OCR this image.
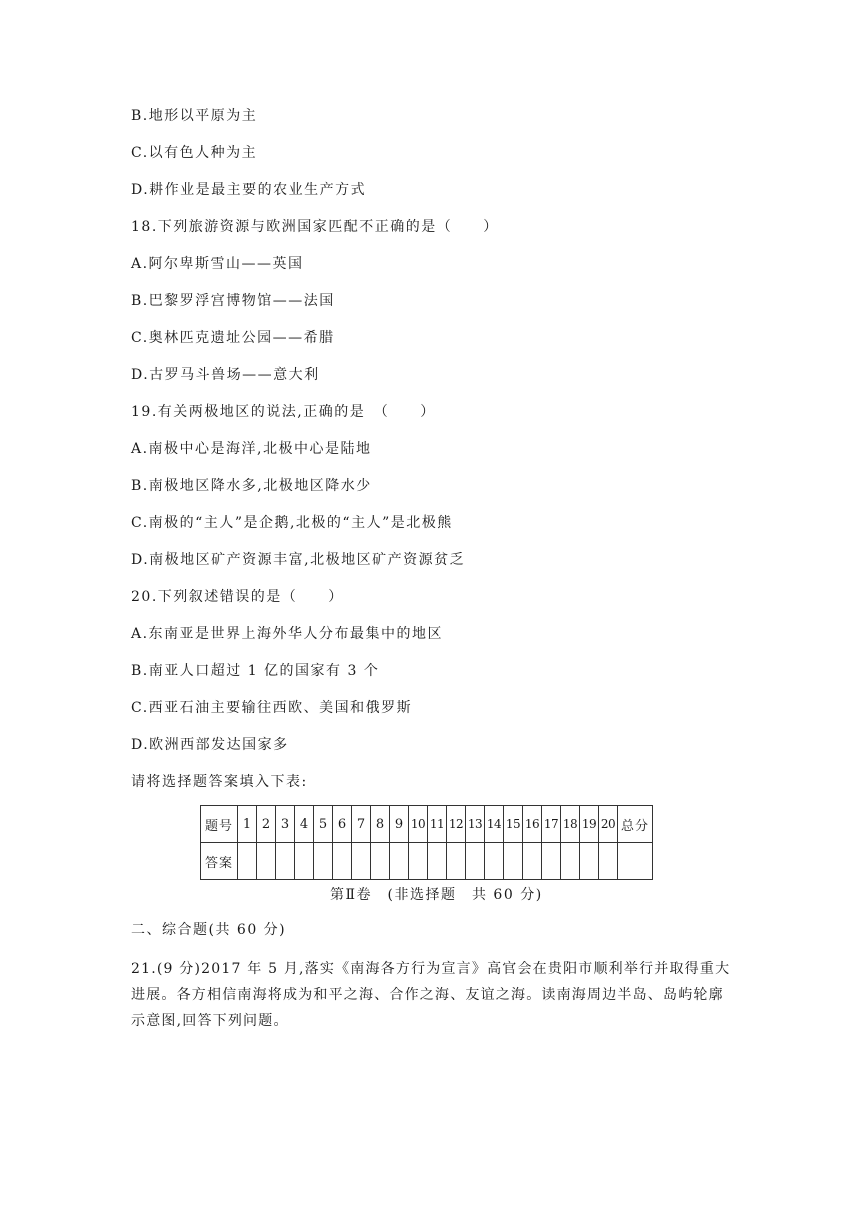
B.地形以平原为主
C.以有色人种为主
D.耕作业是最主要的农业生产方式
18.下列旅游资源与欧洲国家匹配不正确的是（　　）
A.阿尔卑斯雪山——英国
B.巴黎罗浮宫博物馆——法国
C.奥林匹克遗址公园——希腊
D.古罗马斗兽场——意大利
19.有关两极地区的说法,正确的是　（　　）
A.南极中心是海洋,北极中心是陆地
B.南极地区降水多,北极地区降水少
C.南极的“主人”是企鹅,北极的“主人”是北极熊
D.南极地区矿产资源丰富,北极地区矿产资源贫乏
20.下列叙述错误的是（　　）
A.东南亚是世界上海外华人分布最集中的地区
B.南亚人口超过 1 亿的国家有 3 个
C.西亚石油主要输往西欧、美国和俄罗斯
D.欧洲西部发达国家多
请将选择题答案填入下表:
题号	1	2	3	4	5	6	7	8	9	10	11	12	13	14	15	16	17	18	19	20	总分
答案																					
第Ⅱ卷　(非选择题　共 60 分)
二、综合题(共 60 分)
21.(9 分)2017 年 5 月,落实《南海各方行为宣言》高官会在贵阳市顺利举行并取得重大进展。各方相信南海将成为和平之海、合作之海、友谊之海。读南海周边半岛、岛屿轮廓示意图,回答下列问题。
